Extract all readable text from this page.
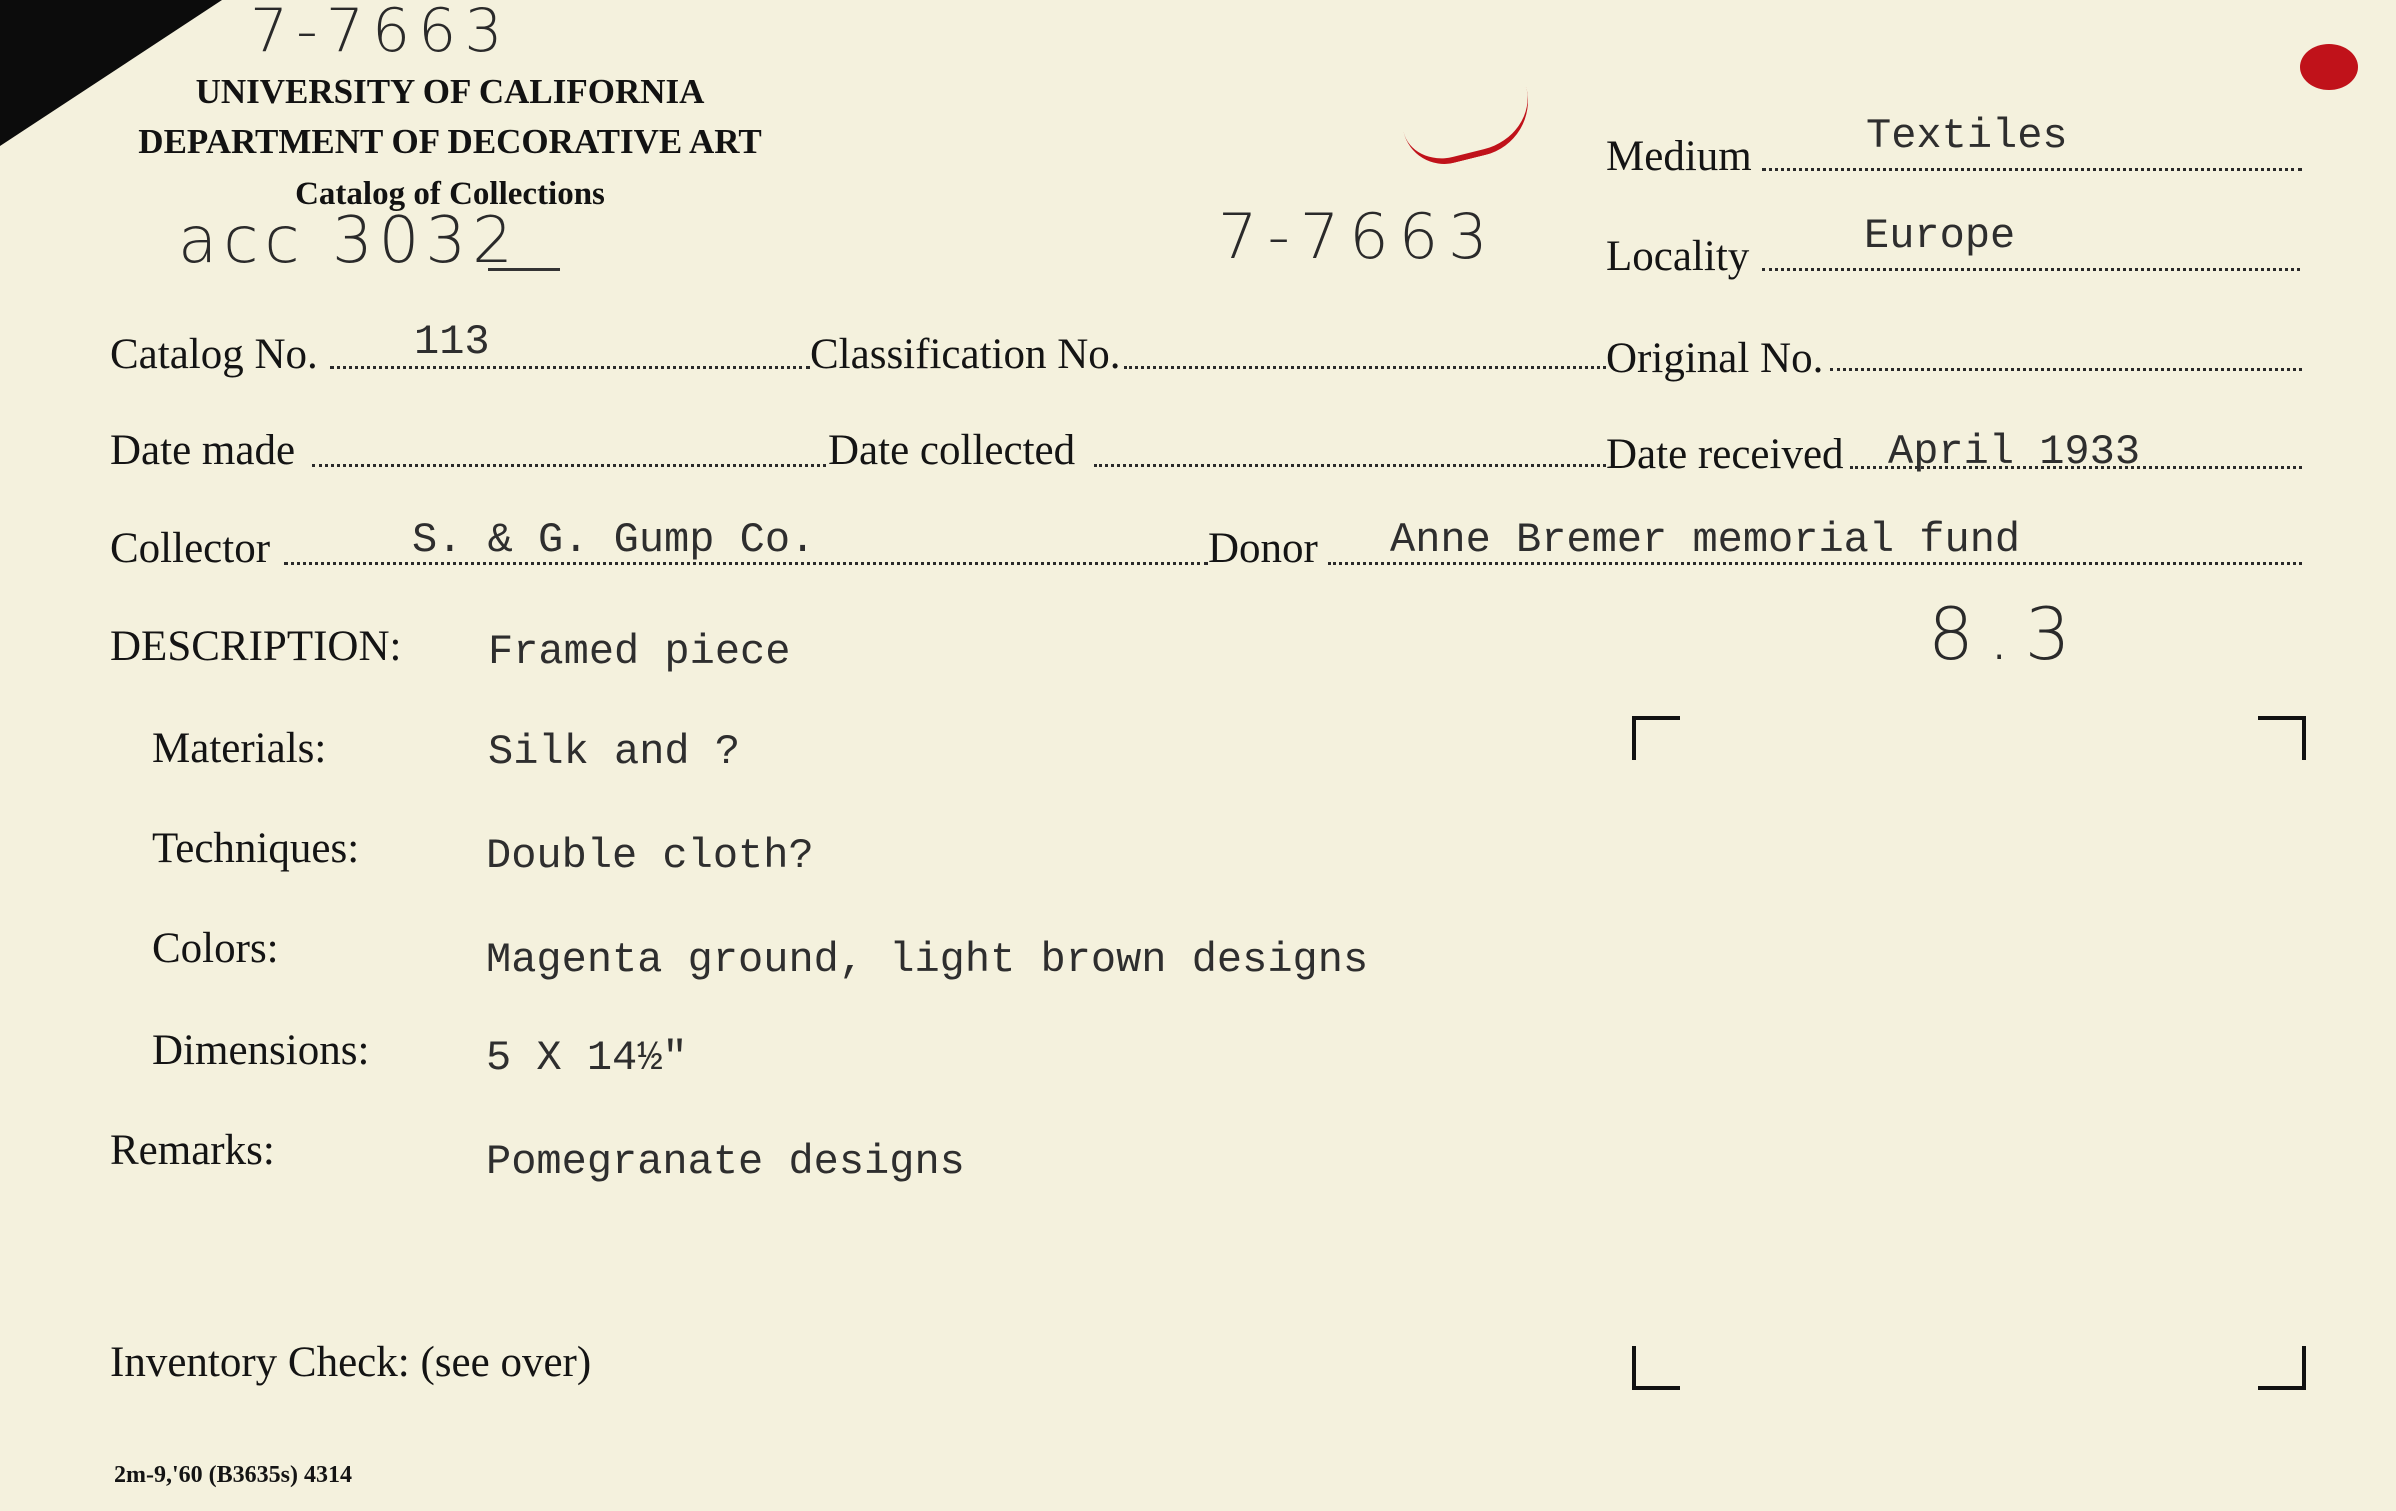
7-7663
UNIVERSITY OF CALIFORNIA
DEPARTMENT OF DECORATIVE ART
Catalog of Collections
acc 3032	7-7663
Medium	Textiles
Locality	Europe
Catalog No. 113	Classification No.	Original No.
Date made	Date collected	Date received April 1933
Collector	S. & G. Gump Co.	Donor Anne Bremer memorial fund
8.3
DESCRIPTION: Framed piece
Materials:	Silk and ?
Techniques:	Double cloth?
Colors:	Magenta ground, light brown designs
Dimensions:	5 X 14½"
Remarks:	Pomegranate designs
Inventory Check: (see over)
2m-9,'60 (B3635s) 4314
